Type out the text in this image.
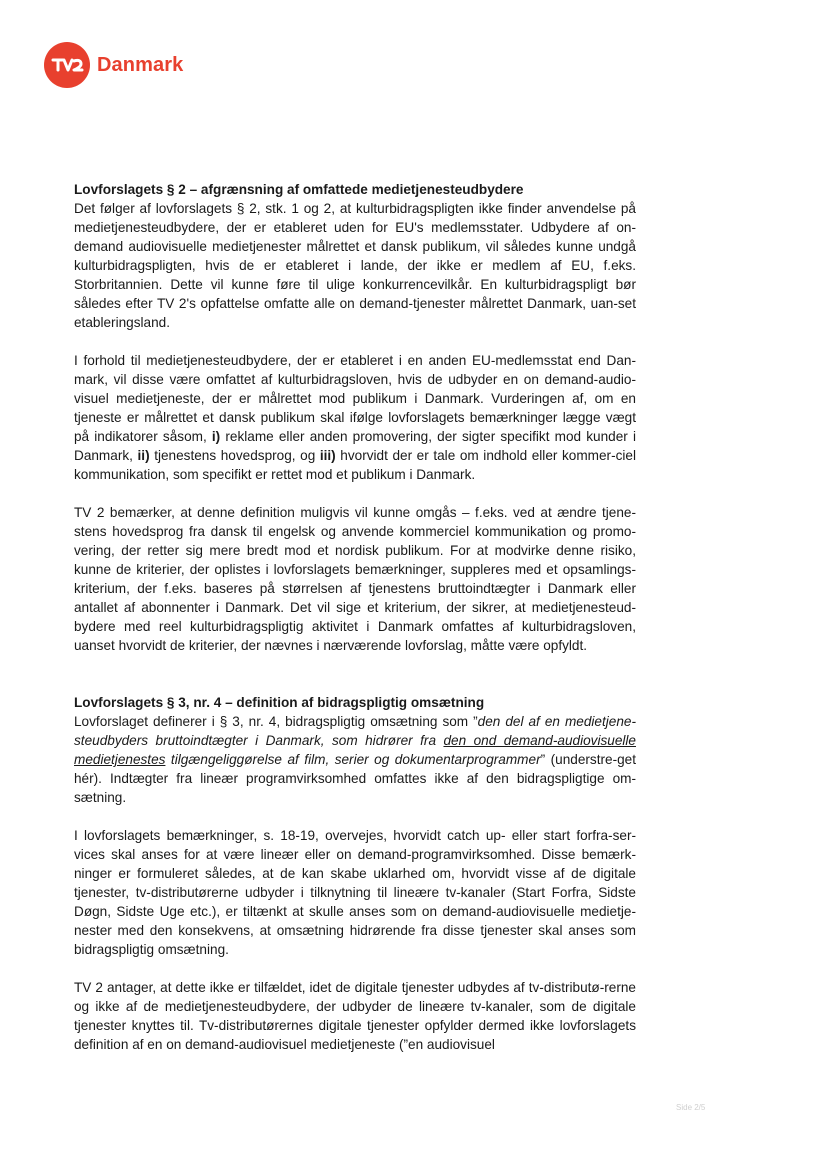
Danmark
Lovforslagets § 2 – afgrænsning af omfattede medietjenesteudbydere

Det følger af lovforslagets § 2, stk. 1 og 2, at kulturbidragspligten ikke finder anvendelse på medietjenesteudbydere, der er etableret uden for EU's medlemsstater. Udbydere af on-demand audiovisuelle medietjenester målrettet et dansk publikum, vil således kunne undgå kulturbidragspligten, hvis de er etableret i lande, der ikke er medlem af EU, f.eks. Storbritannien. Dette vil kunne føre til ulige konkurrencevilkår. En kulturbidragspligt bør således efter TV 2's opfattelse omfatte alle on demand-tjenester målrettet Danmark, uan-set etableringsland.

I forhold til medietjenesteudbydere, der er etableret i en anden EU-medlemsstat end Dan-mark, vil disse være omfattet af kulturbidragsloven, hvis de udbyder en on demand-audio-visuel medietjeneste, der er målrettet mod publikum i Danmark. Vurderingen af, om en tjeneste er målrettet et dansk publikum skal ifølge lovforslagets bemærkninger lægge vægt på indikatorer såsom, i) reklame eller anden promovering, der sigter specifikt mod kunder i Danmark, ii) tjenestens hovedsprog, og iii) hvorvidt der er tale om indhold eller kommer-ciel kommunikation, som specifikt er rettet mod et publikum i Danmark.

TV 2 bemærker, at denne definition muligvis vil kunne omgås – f.eks. ved at ændre tjene-stens hovedsprog fra dansk til engelsk og anvende kommerciel kommunikation og promo-vering, der retter sig mere bredt mod et nordisk publikum. For at modvirke denne risiko, kunne de kriterier, der oplistes i lovforslagets bemærkninger, suppleres med et opsamlings-kriterium, der f.eks. baseres på størrelsen af tjenestens bruttoindtægter i Danmark eller antallet af abonnenter i Danmark. Det vil sige et kriterium, der sikrer, at medietjenesteud-bydere med reel kulturbidragspligtig aktivitet i Danmark omfattes af kulturbidragsloven, uanset hvorvidt de kriterier, der nævnes i nærværende lovforslag, måtte være opfyldt.

Lovforslagets § 3, nr. 4 – definition af bidragspligtig omsætning

Lovforslaget definerer i § 3, nr. 4, bidragspligtig omsætning som ”den del af en medietjene-steudbyders bruttoindtægter i Danmark, som hidrører fra den ond demand-audiovisuelle medietjenestes tilgængeliggørelse af film, serier og dokumentarprogrammer” (understre-get hér). Indtægter fra lineær programvirksomhed omfattes ikke af den bidragspligtige om-sætning.

I lovforslagets bemærkninger, s. 18-19, overvejes, hvorvidt catch up- eller start forfra-ser-vices skal anses for at være lineær eller on demand-programvirksomhed. Disse bemærk-ninger er formuleret således, at de kan skabe uklarhed om, hvorvidt visse af de digitale tjenester, tv-distributørerne udbyder i tilknytning til lineære tv-kanaler (Start Forfra, Sidste Døgn, Sidste Uge etc.), er tiltænkt at skulle anses som on demand-audiovisuelle medietje-nester med den konsekvens, at omsætning hidrørende fra disse tjenester skal anses som bidragspligtig omsætning.

TV 2 antager, at dette ikke er tilfældet, idet de digitale tjenester udbydes af tv-distributø-rerne og ikke af de medietjenesteudbydere, der udbyder de lineære tv-kanaler, som de digitale tjenester knyttes til. Tv-distributørernes digitale tjenester opfylder dermed ikke lovforslagets definition af en on demand-audiovisuel medietjeneste (”en audiovisuel

Side 2/5
